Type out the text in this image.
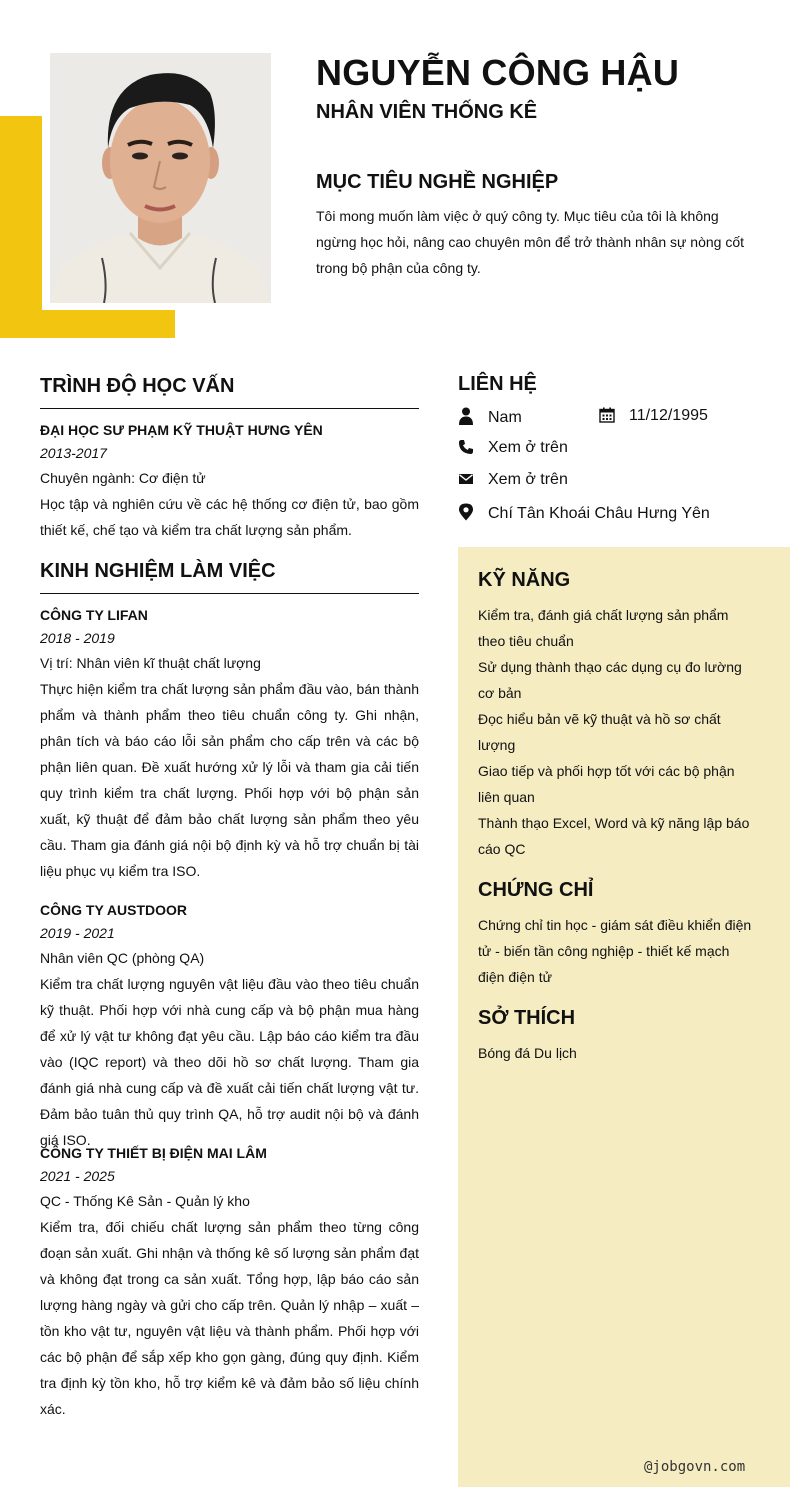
NGUYỄN CÔNG HẬU
NHÂN VIÊN THỐNG KÊ
MỤC TIÊU NGHỀ NGHIỆP
Tôi mong muốn làm việc ở quý công ty. Mục tiêu của tôi là không ngừng học hỏi, nâng cao chuyên môn để trở thành nhân sự nòng cốt trong bộ phận của công ty.
TRÌNH ĐỘ HỌC VẤN
ĐẠI HỌC SƯ PHẠM KỸ THUẬT HƯNG YÊN
2013-2017
Chuyên ngành: Cơ điện tử
Học tập và nghiên cứu về các hệ thống cơ điện tử, bao gồm thiết kế, chế tạo và kiểm tra chất lượng sản phẩm.
KINH NGHIỆM LÀM VIỆC
CÔNG TY LIFAN
2018 - 2019
Vị trí: Nhân viên kĩ thuật chất lượng
Thực hiện kiểm tra chất lượng sản phẩm đầu vào, bán thành phẩm và thành phẩm theo tiêu chuẩn công ty. Ghi nhận, phân tích và báo cáo lỗi sản phẩm cho cấp trên và các bộ phận liên quan. Đề xuất hướng xử lý lỗi và tham gia cải tiến quy trình kiểm tra chất lượng. Phối hợp với bộ phận sản xuất, kỹ thuật để đảm bảo chất lượng sản phẩm theo yêu cầu. Tham gia đánh giá nội bộ định kỳ và hỗ trợ chuẩn bị tài liệu phục vụ kiểm tra ISO.
CÔNG TY AUSTDOOR
2019 - 2021
Nhân viên QC (phòng QA)
Kiểm tra chất lượng nguyên vật liệu đầu vào theo tiêu chuẩn kỹ thuật. Phối hợp với nhà cung cấp và bộ phận mua hàng để xử lý vật tư không đạt yêu cầu. Lập báo cáo kiểm tra đầu vào (IQC report) và theo dõi hồ sơ chất lượng. Tham gia đánh giá nhà cung cấp và đề xuất cải tiến chất lượng vật tư. Đảm bảo tuân thủ quy trình QA, hỗ trợ audit nội bộ và đánh giá ISO.
CÔNG TY THIẾT BỊ ĐIỆN MAI LÂM
2021 - 2025
QC - Thống Kê Sản - Quản lý kho
Kiểm tra, đối chiếu chất lượng sản phẩm theo từng công đoạn sản xuất. Ghi nhận và thống kê số lượng sản phẩm đạt và không đạt trong ca sản xuất. Tổng hợp, lập báo cáo sản lượng hàng ngày và gửi cho cấp trên. Quản lý nhập – xuất – tồn kho vật tư, nguyên vật liệu và thành phẩm. Phối hợp với các bộ phận để sắp xếp kho gọn gàng, đúng quy định. Kiểm tra định kỳ tồn kho, hỗ trợ kiểm kê và đảm bảo số liệu chính xác.
LIÊN HỆ
Nam	11/12/1995
Xem ở trên
Xem ở trên
Chí Tân Khoái Châu Hưng Yên
KỸ NĂNG
Kiểm tra, đánh giá chất lượng sản phẩm theo tiêu chuẩn
Sử dụng thành thạo các dụng cụ đo lường cơ bản
Đọc hiểu bản vẽ kỹ thuật và hồ sơ chất lượng
Giao tiếp và phối hợp tốt với các bộ phận liên quan
Thành thạo Excel, Word và kỹ năng lập báo cáo QC
CHỨNG CHỈ
Chứng chỉ tin học - giám sát điều khiển điện tử - biến tần công nghiệp - thiết kế mạch điện điện tử
SỞ THÍCH
Bóng đá Du lịch
@jobgovn.com
